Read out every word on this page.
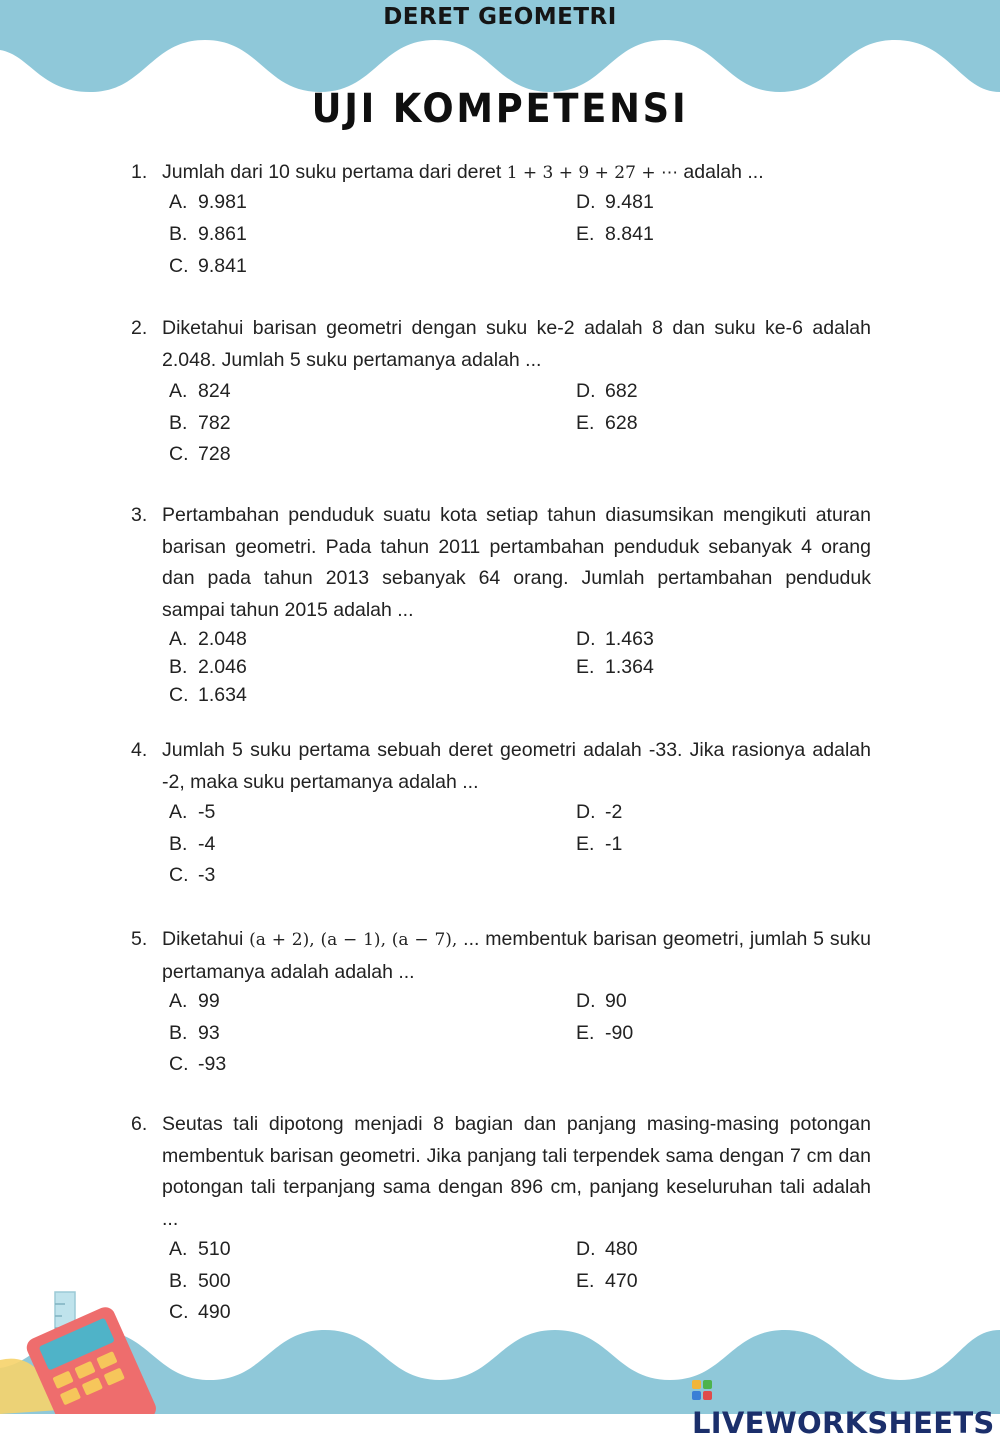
DERET GEOMETRI
UJI KOMPETENSI
1. Jumlah dari 10 suku pertama dari deret 1 + 3 + 9 + 27 + ⋯ adalah ...
A. 9.981
B. 9.861
C. 9.841
D. 9.481
E. 8.841
2. Diketahui barisan geometri dengan suku ke-2 adalah 8 dan suku ke-6 adalah 2.048. Jumlah 5 suku pertamanya adalah ...
A. 824
B. 782
C. 728
D. 682
E. 628
3. Pertambahan penduduk suatu kota setiap tahun diasumsikan mengikuti aturan barisan geometri. Pada tahun 2011 pertambahan penduduk sebanyak 4 orang dan pada tahun 2013 sebanyak 64 orang. Jumlah pertambahan penduduk sampai tahun 2015 adalah ...
A. 2.048
B. 2.046
C. 1.634
D. 1.463
E. 1.364
4. Jumlah 5 suku pertama sebuah deret geometri adalah -33. Jika rasionya adalah -2, maka suku pertamanya adalah ...
A. -5
B. -4
C. -3
D. -2
E. -1
5. Diketahui (a + 2), (a − 1), (a − 7), ... membentuk barisan geometri, jumlah 5 suku pertamanya adalah adalah ...
A. 99
B. 93
C. -93
D. 90
E. -90
6. Seutas tali dipotong menjadi 8 bagian dan panjang masing-masing potongan membentuk barisan geometri. Jika panjang tali terpendek sama dengan 7 cm dan potongan tali terpanjang sama dengan 896 cm, panjang keseluruhan tali adalah ...
A. 510
B. 500
C. 490
D. 480
E. 470
LIVEWORKSHEETS
